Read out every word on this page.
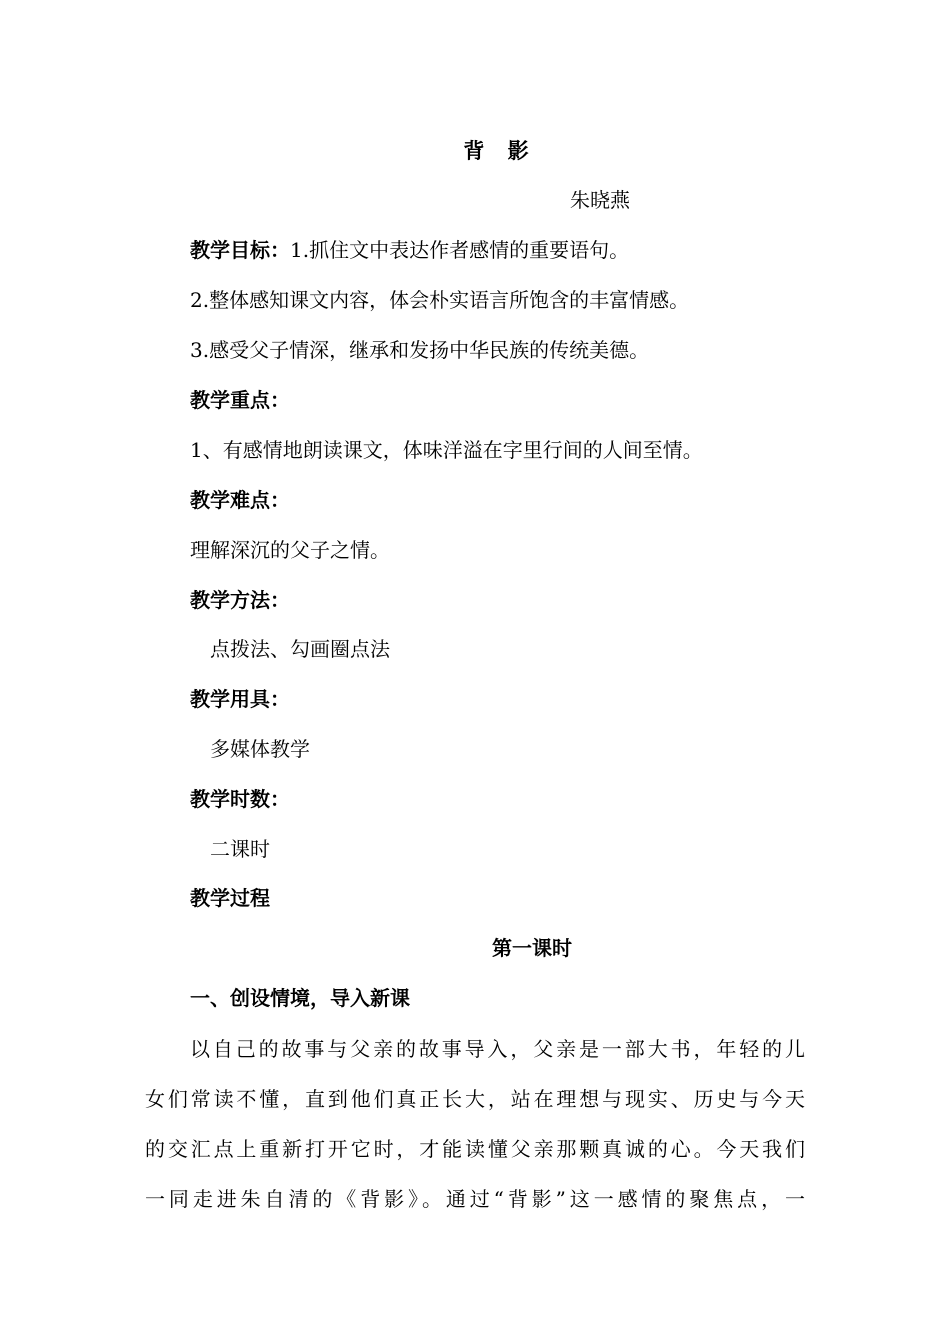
背 影
朱晓燕
教学目标：1.抓住文中表达作者感情的重要语句。
2.整体感知课文内容，体会朴实语言所饱含的丰富情感。
3.感受父子情深，继承和发扬中华民族的传统美德。
教学重点：
1、有感情地朗读课文，体味洋溢在字里行间的人间至情。
教学难点：
理解深沉的父子之情。
教学方法：
点拨法、勾画圈点法
教学用具：
多媒体教学
教学时数：
二课时
教学过程
第一课时
一、创设情境，导入新课
以自己的故事与父亲的故事导入，父亲是一部大书，年轻的儿
女们常读不懂，直到他们真正长大，站在理想与现实、历史与今天
的交汇点上重新打开它时，才能读懂父亲那颗真诚的心。今天我们
一同走进朱自清的《背影》。通过“背影”这一感情的聚焦点，一
